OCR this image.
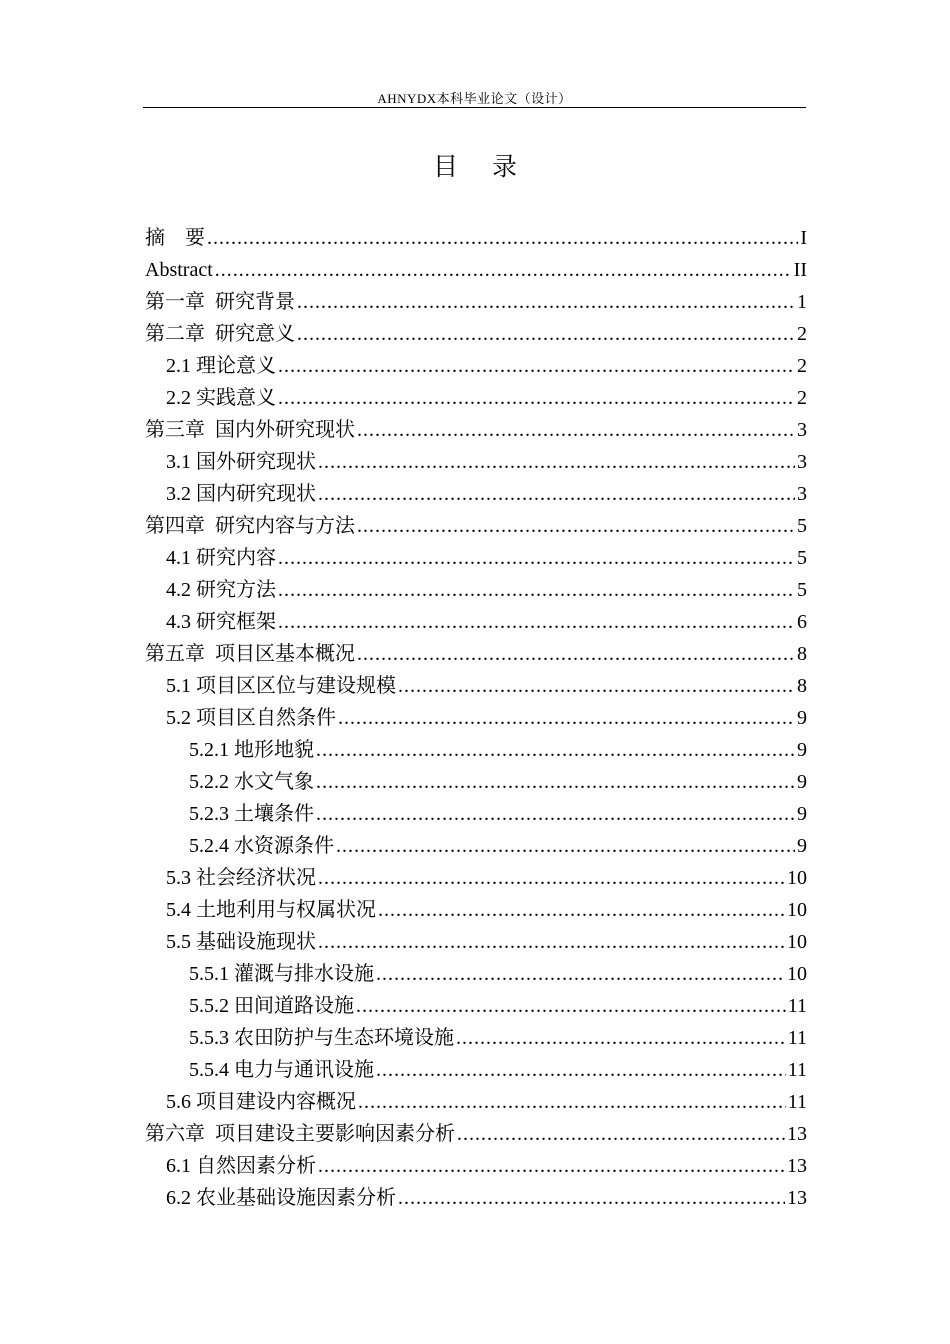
AHNYDX本科毕业论文（设计）
目录
摘    要 .....	I
Abstract .....	II
第一章  研究背景 .....	1
第二章  研究意义 .....	2
2.1 理论意义 .....	2
2.2 实践意义 .....	2
第三章  国内外研究现状 .....	3
3.1 国外研究现状 .....	3
3.2 国内研究现状 .....	3
第四章  研究内容与方法 .....	5
4.1 研究内容 .....	5
4.2 研究方法 .....	5
4.3 研究框架 .....	6
第五章  项目区基本概况 .....	8
5.1 项目区区位与建设规模 .....	8
5.2 项目区自然条件 .....	9
5.2.1 地形地貌 .....	9
5.2.2 水文气象 .....	9
5.2.3 土壤条件 .....	9
5.2.4 水资源条件 .....	9
5.3 社会经济状况 .....	10
5.4 土地利用与权属状况 .....	10
5.5 基础设施现状 .....	10
5.5.1 灌溉与排水设施 .....	10
5.5.2 田间道路设施 .....	11
5.5.3 农田防护与生态环境设施 .....	11
5.5.4 电力与通讯设施 .....	11
5.6 项目建设内容概况 .....	11
第六章  项目建设主要影响因素分析 .....	13
6.1 自然因素分析 .....	13
6.2 农业基础设施因素分析 .....	13
